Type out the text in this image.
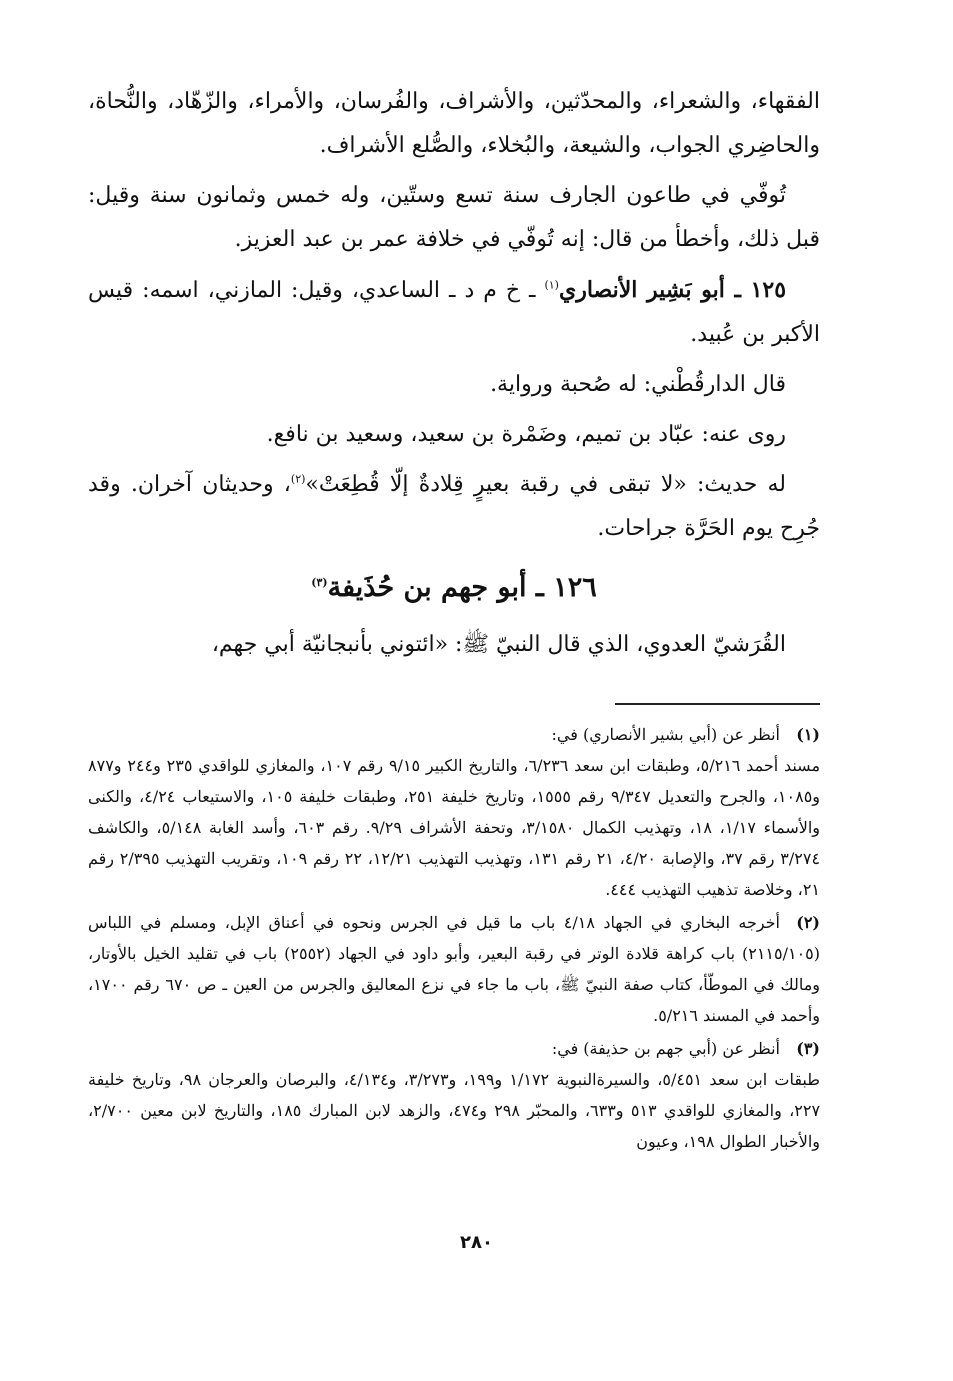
الفقهاء، والشعراء، والمحدّثين، والأشراف، والفُرسان، والأمراء، والزّهّاد، والنُّحاة، والحاضِري الجواب، والشيعة، والبُخلاء، والصُّلع الأشراف.

تُوفّي في طاعون الجارف سنة تسع وستّين، وله خمس وثمانون سنة وقيل: قبل ذلك، وأخطأ من قال: إنه تُوفّي في خلافة عمر بن عبد العزيز.

١٢٥ ـ أبو بَشِير الأنصاري$^{(١)}$ ـ خ م د ـ الساعدي، وقيل: المازني، اسمه: قيس الأكبر بن عُبيد.

قال الدارقُطْني: له صُحبة ورواية.

روى عنه: عبّاد بن تميم، وضَمْرة بن سعيد، وسعيد بن نافع.

له حديث: «لا تبقى في رقبة بعيرٍ قِلادةٌ إلّا قُطِعَتْ»$^{(٢)}$، وحديثان آخران. وقد جُرِح يوم الحَرَّة جراحات.

١٢٦ ـ أبو جهم بن حُذَيفة$^{(٣)}$

القُرَشيّ العدوي، الذي قال النبيّ ﷺ: «ائتوني بأنبجانيّة أبي جهم،

(١)أنظر عن (أبي بشير الأنصاري) في:
مسند أحمد ٥/٢١٦، وطبقات ابن سعد ٦/٢٣٦، والتاريخ الكبير ٩/١٥ رقم ١٠٧، والمغازي للواقدي ٢٣٥ و٢٤٤ و٨٧٧ و١٠٨٥، والجرح والتعديل ٩/٣٤٧ رقم ١٥٥٥، وتاريخ خليفة ٢٥١، وطبقات خليفة ١٠٥، والاستيعاب ٤/٢٤، والكنى والأسماء ١/١٧، ١٨، وتهذيب الكمال ٣/١٥٨٠، وتحفة الأشراف ٩/٢٩. رقم ٦٠٣، وأسد الغابة ٥/١٤٨، والكاشف ٣/٢٧٤ رقم ٣٧، والإصابة ٤/٢٠، ٢١ رقم ١٣١، وتهذيب التهذيب ١٢/٢١، ٢٢ رقم ١٠٩، وتقريب التهذيب ٢/٣٩٥ رقم ٢١، وخلاصة تذهيب التهذيب ٤٤٤.
(٢)أخرجه البخاري في الجهاد ٤/١٨ باب ما قيل في الجرس ونحوه في أعناق الإبل، ومسلم في اللباس (٢١١٥/١٠٥) باب كراهة قلادة الوتر في رقبة البعير، وأبو داود في الجهاد (٢٥٥٢) باب في تقليد الخيل بالأوتار، ومالك في الموطّأ، كتاب صفة النبيّ ﷺ، باب ما جاء في نزع المعاليق والجرس من العين ـ ص ٦٧٠ رقم ١٧٠٠، وأحمد في المسند ٥/٢١٦.
(٣)أنظر عن (أبي جهم بن حذيفة) في:
طبقات ابن سعد ٥/٤٥١، والسيرةالنبوية ١/١٧٢ و١٩٩، و٣/٢٧٣، و٤/١٣٤، والبرصان والعرجان ٩٨، وتاريخ خليفة ٢٢٧، والمغازي للواقدي ٥١٣ و٦٣٣، والمحبّر ٢٩٨ و٤٧٤، والزهد لابن المبارك ١٨٥، والتاريخ لابن معين ٢/٧٠٠، والأخبار الطوال ١٩٨، وعيون
٢٨٠
